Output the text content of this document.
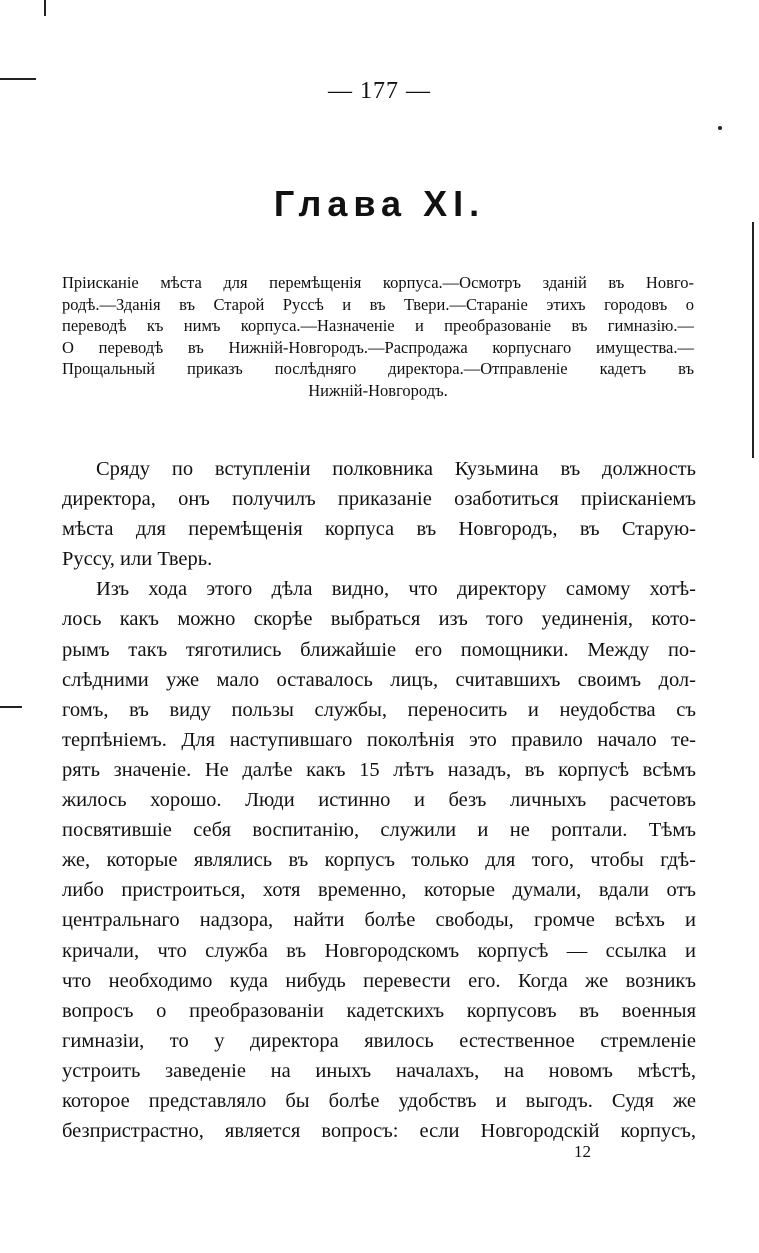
— 177 —
Глава XI.
Прiисканiе мѣста для перемѣщенiя корпуса.—Осмотръ зданiй въ Новго-
родѣ.—Зданiя въ Старой Руссѣ и въ Твери.—Старанiе этихъ городовъ о
переводѣ къ нимъ корпуса.—Назначенiе и преобразованiе въ гимназiю.—
О переводѣ въ Нижнiй-Новгородъ.—Распродажа корпуснаго имущества.—
Прощальный приказъ послѣдняго директора.—Отправленiе кадетъ въ
Нижнiй-Новгородъ.
Сряду по вступленiи полковника Кузьмина въ должность
директора, онъ получилъ приказанiе озаботиться прiисканiемъ
мѣста для перемѣщенiя корпуса въ Новгородъ, въ Старую-
Руссу, или Тверь.
Изъ хода этого дѣла видно, что директору самому хотѣ-
лось какъ можно скорѣе выбраться изъ того уединенiя, кото-
рымъ такъ тяготились ближайшiе его помощники. Между по-
слѣдними уже мало оставалось лицъ, считавшихъ своимъ дол-
гомъ, въ виду пользы службы, переносить и неудобства съ
терпѣнiемъ. Для наступившаго поколѣнiя это правило начало те-
рять значенiе. Не далѣе какъ 15 лѣтъ назадъ, въ корпусѣ всѣмъ
жилось хорошо. Люди истинно и безъ личныхъ расчетовъ
посвятившiе себя воспитанiю, служили и не роптали. Тѣмъ
же, которые являлись въ корпусъ только для того, чтобы гдѣ-
либо пристроиться, хотя временно, которые думали, вдали отъ
центральнаго надзора, найти болѣе свободы, громче всѣхъ и
кричали, что служба въ Новгородскомъ корпусѣ — ссылка и
что необходимо куда нибудь перевести его. Когда же возникъ
вопросъ о преобразованiи кадетскихъ корпусовъ въ военныя
гимназiи, то у директора явилось естественное стремленiе
устроить заведенiе на иныхъ началахъ, на новомъ мѣстѣ,
которое представляло бы болѣе удобствъ и выгодъ. Судя же
безпристрастно, является вопросъ: если Новгородскiй корпусъ,
12
